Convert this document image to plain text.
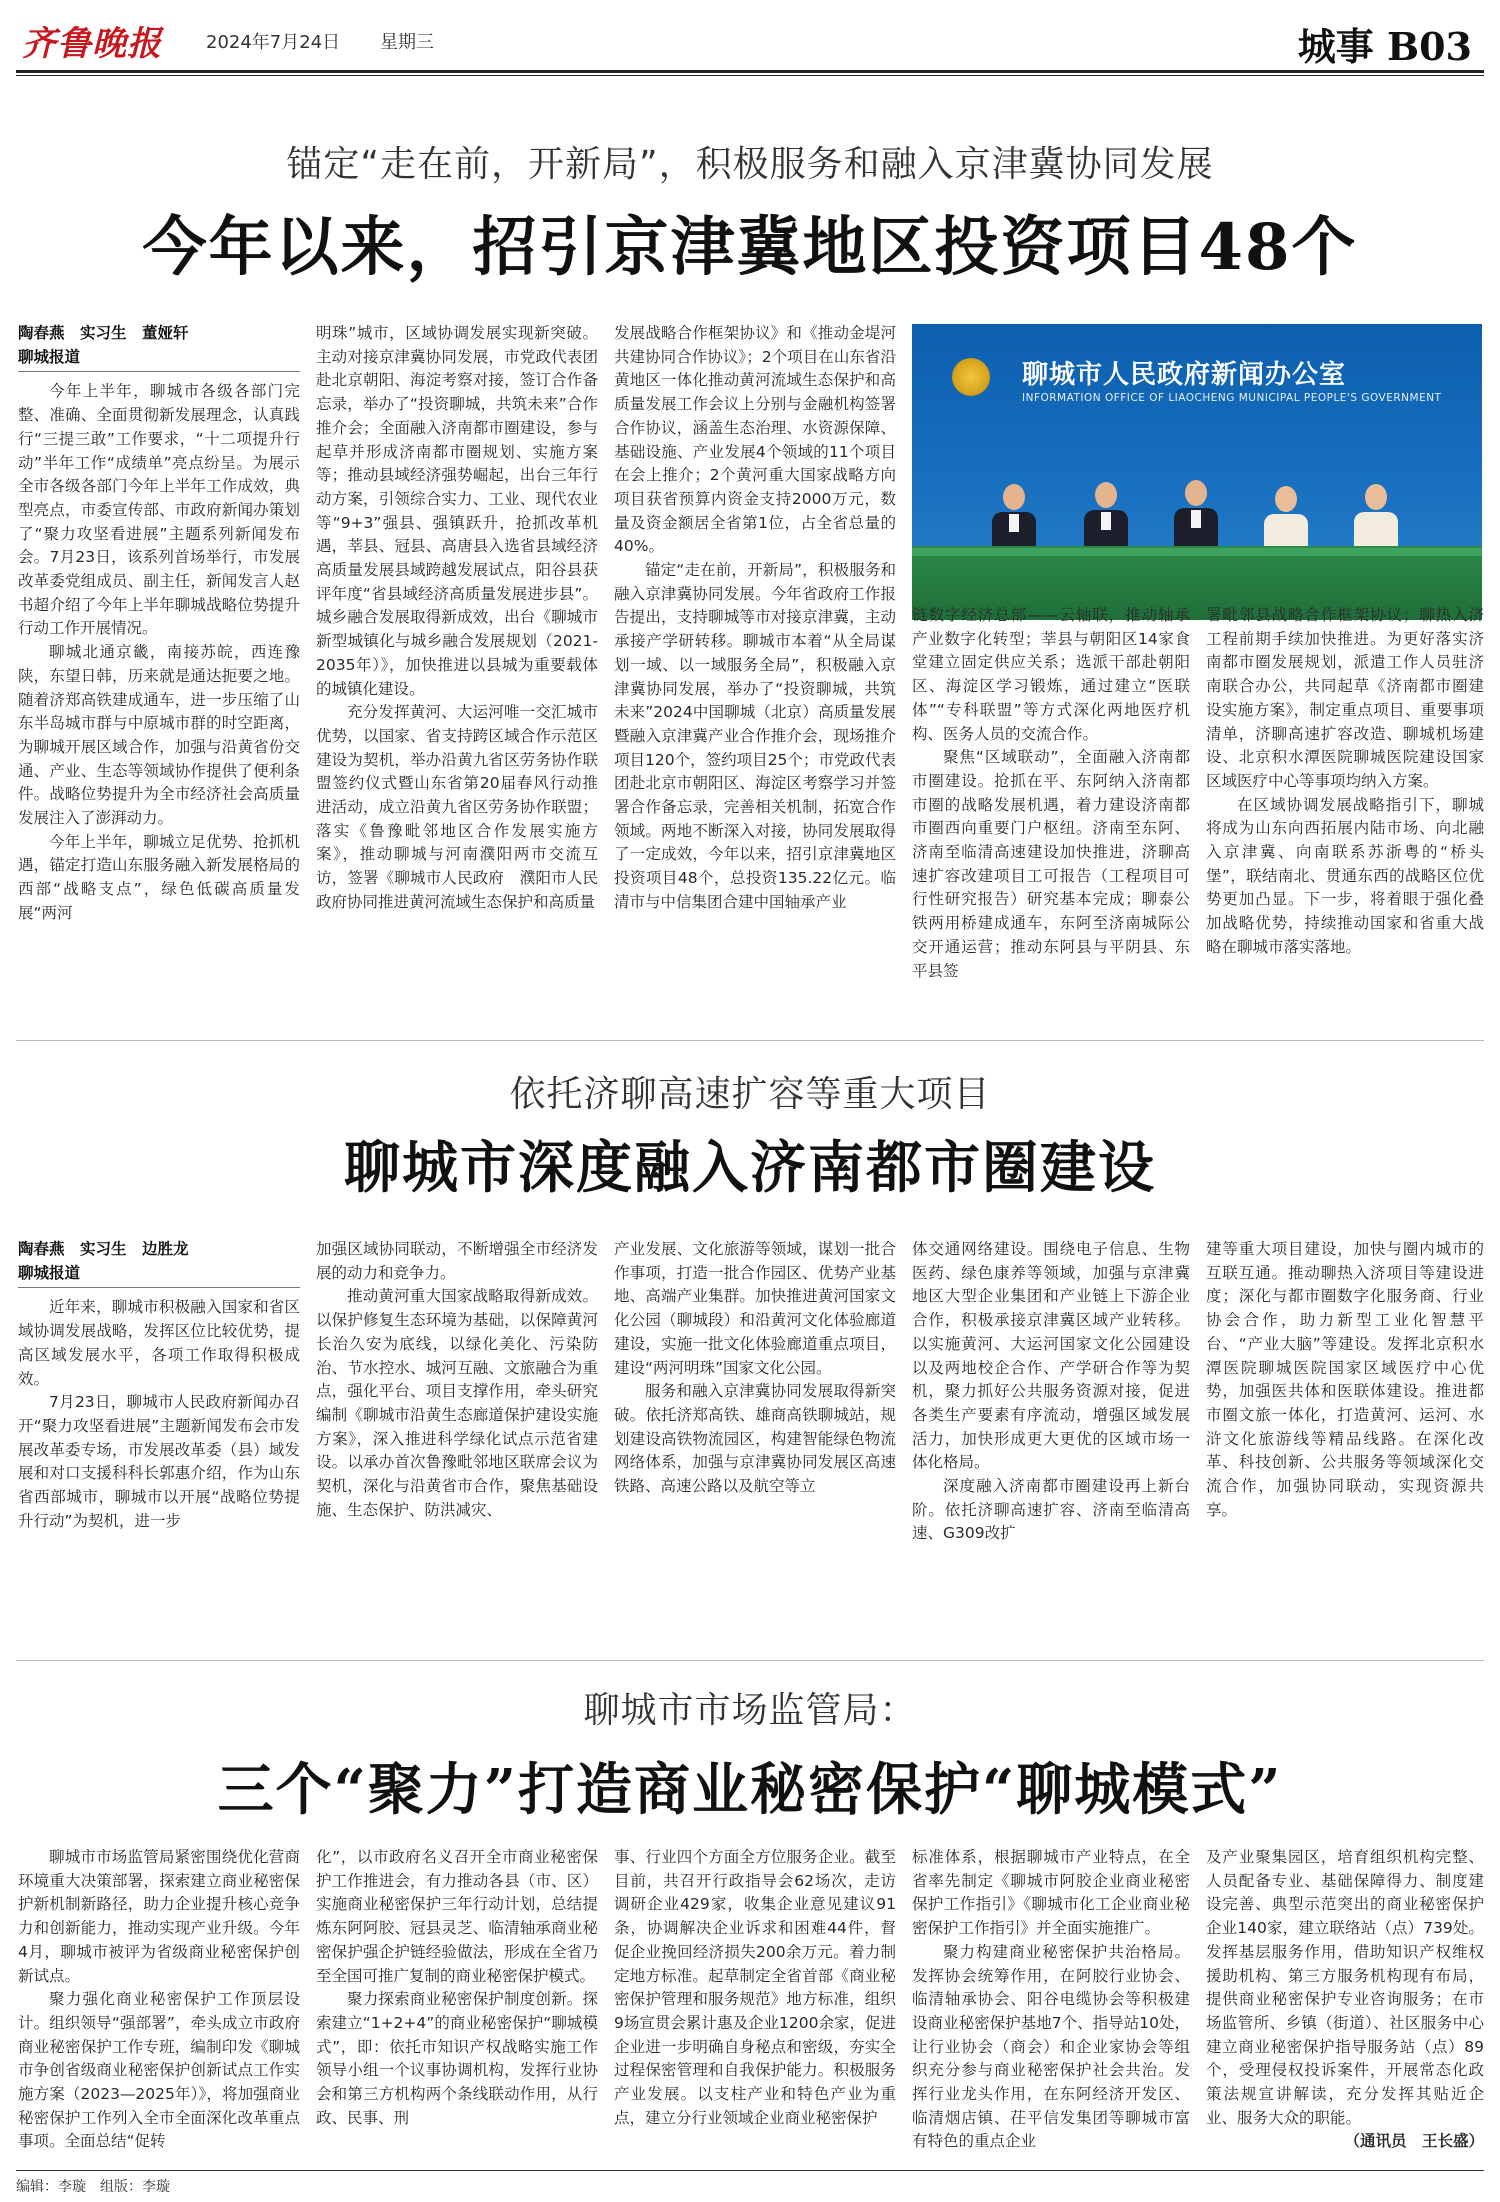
齐鲁晚报 2024年7月24日 星期三	城事 B03
锚定“走在前，开新局”，积极服务和融入京津冀协同发展
今年以来，招引京津冀地区投资项目48个

陶春燕　实习生　董娅轩

聊城报道

今年上半年，聊城市各级各部门完整、准确、全面贯彻新发展理念，认真践行“三提三敢”工作要求，“十二项提升行动”半年工作“成绩单”亮点纷呈。为展示全市各级各部门今年上半年工作成效，典型亮点，市委宣传部、市政府新闻办策划了“聚力攻坚看进展”主题系列新闻发布会。7月23日，该系列首场举行，市发展改革委党组成员、副主任，新闻发言人赵书超介绍了今年上半年聊城战略位势提升行动工作开展情况。

聊城北通京畿，南接苏皖，西连豫陕，东望日韩，历来就是通达扼要之地。随着济郑高铁建成通车，进一步压缩了山东半岛城市群与中原城市群的时空距离，为聊城开展区域合作，加强与沿黄省份交通、产业、生态等领域协作提供了便利条件。战略位势提升为全市经济社会高质量发展注入了澎湃动力。

今年上半年，聊城立足优势、抢抓机遇，锚定打造山东服务融入新发展格局的西部“战略支点”，绿色低碳高质量发展“两河

明珠”城市，区域协调发展实现新突破。主动对接京津冀协同发展，市党政代表团赴北京朝阳、海淀考察对接，签订合作备忘录，举办了“投资聊城，共筑未来”合作推介会；全面融入济南都市圈建设，参与起草并形成济南都市圈规划、实施方案等；推动县域经济强势崛起，出台三年行动方案，引领综合实力、工业、现代农业等“9+3”强县、强镇跃升，抢抓改革机遇，莘县、冠县、高唐县入选省县域经济高质量发展县域跨越发展试点，阳谷县获评年度“省县域经济高质量发展进步县”。城乡融合发展取得新成效，出台《聊城市新型城镇化与城乡融合发展规划（2021-2035年）》，加快推进以县城为重要载体的城镇化建设。

充分发挥黄河、大运河唯一交汇城市优势，以国家、省支持跨区域合作示范区建设为契机，举办沿黄九省区劳务协作联盟签约仪式暨山东省第20届春风行动推进活动，成立沿黄九省区劳务协作联盟；落实《鲁豫毗邻地区合作发展实施方案》，推动聊城与河南濮阳两市交流互访，签署《聊城市人民政府　濮阳市人民政府协同推进黄河流域生态保护和高质量

发展战略合作框架协议》和《推动金堤河共建协同合作协议》；2个项目在山东省沿黄地区一体化推动黄河流域生态保护和高质量发展工作会议上分别与金融机构签署合作协议，涵盖生态治理、水资源保障、基础设施、产业发展4个领域的11个项目在会上推介；2个黄河重大国家战略方向项目获省预算内资金支持2000万元，数量及资金额居全省第1位，占全省总量的40%。

锚定“走在前，开新局”，积极服务和融入京津冀协同发展。今年省政府工作报告提出，支持聊城等市对接京津冀，主动承接产学研转移。聊城市本着“从全局谋划一域、以一域服务全局”，积极融入京津冀协同发展，举办了“投资聊城，共筑未来”2024中国聊城（北京）高质量发展暨融入京津冀产业合作推介会，现场推介项目120个，签约项目25个；市党政代表团赴北京市朝阳区、海淀区考察学习并签署合作备忘录，完善相关机制，拓宽合作领域。两地不断深入对接，协同发展取得了一定成效，今年以来，招引京津冀地区投资项目48个，总投资135.22亿元。临清市与中信集团合建中国轴承产业

聊城市人民政府新闻办公室
INFORMATION OFFICE OF LIAOCHENG MUNICIPAL PEOPLE'S GOVERNMENT

链数字经济总部——云轴联，推动轴承产业数字化转型；莘县与朝阳区14家食堂建立固定供应关系；选派干部赴朝阳区、海淀区学习锻炼，通过建立“医联体”“专科联盟”等方式深化两地医疗机构、医务人员的交流合作。

聚焦“区域联动”，全面融入济南都市圈建设。抢抓在平、东阿纳入济南都市圈的战略发展机遇，着力建设济南都市圈西向重要门户枢纽。济南至东阿、济南至临清高速建设加快推进，济聊高速扩容改建项目工可报告（工程项目可行性研究报告）研究基本完成；聊泰公铁两用桥建成通车，东阿至济南城际公交开通运营；推动东阿县与平阴县、东平县签

署毗邻县战略合作框架协议；聊热入济工程前期手续加快推进。为更好落实济南都市圈发展规划，派遣工作人员驻济南联合办公，共同起草《济南都市圈建设实施方案》，制定重点项目、重要事项清单，济聊高速扩容改造、聊城机场建设、北京积水潭医院聊城医院建设国家区域医疗中心等事项均纳入方案。

在区域协调发展战略指引下，聊城将成为山东向西拓展内陆市场、向北融入京津冀、向南联系苏浙粤的“桥头堡”，联结南北、贯通东西的战略区位优势更加凸显。下一步，将着眼于强化叠加战略优势，持续推动国家和省重大战略在聊城市落实落地。

依托济聊高速扩容等重大项目
聊城市深度融入济南都市圈建设

陶春燕　实习生　边胜龙

聊城报道

近年来，聊城市积极融入国家和省区域协调发展战略，发挥区位比较优势，提高区域发展水平，各项工作取得积极成效。

7月23日，聊城市人民政府新闻办召开“聚力攻坚看进展”主题新闻发布会市发展改革委专场，市发展改革委（县）域发展和对口支援科科长郭惠介绍，作为山东省西部城市，聊城市以开展“战略位势提升行动”为契机，进一步

加强区域协同联动，不断增强全市经济发展的动力和竞争力。

推动黄河重大国家战略取得新成效。以保护修复生态环境为基础，以保障黄河长治久安为底线，以绿化美化、污染防治、节水控水、城河互融、文旅融合为重点，强化平台、项目支撑作用，牵头研究编制《聊城市沿黄生态廊道保护建设实施方案》，深入推进科学绿化试点示范省建设。以承办首次鲁豫毗邻地区联席会议为契机，深化与沿黄省市合作，聚焦基础设施、生态保护、防洪减灾、

产业发展、文化旅游等领域，谋划一批合作事项，打造一批合作园区、优势产业基地、高端产业集群。加快推进黄河国家文化公园（聊城段）和沿黄河文化体验廊道建设，实施一批文化体验廊道重点项目，建设“两河明珠”国家文化公园。

服务和融入京津冀协同发展取得新突破。依托济郑高铁、雄商高铁聊城站，规划建设高铁物流园区，构建智能绿色物流网络体系，加强与京津冀协同发展区高速铁路、高速公路以及航空等立

体交通网络建设。围绕电子信息、生物医药、绿色康养等领域，加强与京津冀地区大型企业集团和产业链上下游企业合作，积极承接京津冀区域产业转移。以实施黄河、大运河国家文化公园建设以及两地校企合作、产学研合作等为契机，聚力抓好公共服务资源对接，促进各类生产要素有序流动，增强区域发展活力，加快形成更大更优的区域市场一体化格局。

深度融入济南都市圈建设再上新台阶。依托济聊高速扩容、济南至临清高速、G309改扩

建等重大项目建设，加快与圈内城市的互联互通。推动聊热入济项目等建设进度；深化与都市圈数字化服务商、行业协会合作，助力新型工业化智慧平台、“产业大脑”等建设。发挥北京积水潭医院聊城医院国家区域医疗中心优势，加强医共体和医联体建设。推进都市圈文旅一体化，打造黄河、运河、水浒文化旅游线等精品线路。在深化改革、科技创新、公共服务等领域深化交流合作，加强协同联动，实现资源共享。

聊城市市场监管局：
三个“聚力”打造商业秘密保护“聊城模式”

聊城市市场监管局紧密围绕优化营商环境重大决策部署，探索建立商业秘密保护新机制新路径，助力企业提升核心竞争力和创新能力，推动实现产业升级。今年4月，聊城市被评为省级商业秘密保护创新试点。

聚力强化商业秘密保护工作顶层设计。组织领导“强部署”，牵头成立市政府商业秘密保护工作专班，编制印发《聊城市争创省级商业秘密保护创新试点工作实施方案（2023—2025年）》，将加强商业秘密保护工作列入全市全面深化改革重点事项。全面总结“促转

化”，以市政府名义召开全市商业秘密保护工作推进会，有力推动各县（市、区）实施商业秘密保护三年行动计划，总结提炼东阿阿胶、冠县灵芝、临清轴承商业秘密保护强企护链经验做法，形成在全省乃至全国可推广复制的商业秘密保护模式。

聚力探索商业秘密保护制度创新。探索建立“1+2+4”的商业秘密保护“聊城模式”，即：依托市知识产权战略实施工作领导小组一个议事协调机构，发挥行业协会和第三方机构两个条线联动作用，从行政、民事、刑

事、行业四个方面全方位服务企业。截至目前，共召开行政指导会62场次，走访调研企业429家，收集企业意见建议91条，协调解决企业诉求和困难44件，督促企业挽回经济损失200余万元。着力制定地方标准。起草制定全省首部《商业秘密保护管理和服务规范》地方标准，组织9场宣贯会累计惠及企业1200余家，促进企业进一步明确自身秘点和密级，夯实全过程保密管理和自我保护能力。积极服务产业发展。以支柱产业和特色产业为重点，建立分行业领域企业商业秘密保护

标准体系，根据聊城市产业特点，在全省率先制定《聊城市阿胶企业商业秘密保护工作指引》《聊城市化工企业商业秘密保护工作指引》并全面实施推广。

聚力构建商业秘密保护共治格局。发挥协会统筹作用，在阿胶行业协会、临清轴承协会、阳谷电缆协会等积极建设商业秘密保护基地7个、指导站10处，让行业协会（商会）和企业家协会等组织充分参与商业秘密保护社会共治。发挥行业龙头作用，在东阿经济开发区、临清烟店镇、茌平信发集团等聊城市富有特色的重点企业

及产业聚集园区，培育组织机构完整、人员配备专业、基础保障得力、制度建设完善、典型示范突出的商业秘密保护企业140家，建立联络站（点）739处。发挥基层服务作用，借助知识产权维权援助机构、第三方服务机构现有布局，提供商业秘密保护专业咨询服务；在市场监管所、乡镇（街道）、社区服务中心建立商业秘密保护指导服务站（点）89个，受理侵权投诉案件，开展常态化政策法规宣讲解读，充分发挥其贴近企业、服务大众的职能。

（通讯员　王长盛）

编辑：李璇　组版：李璇
